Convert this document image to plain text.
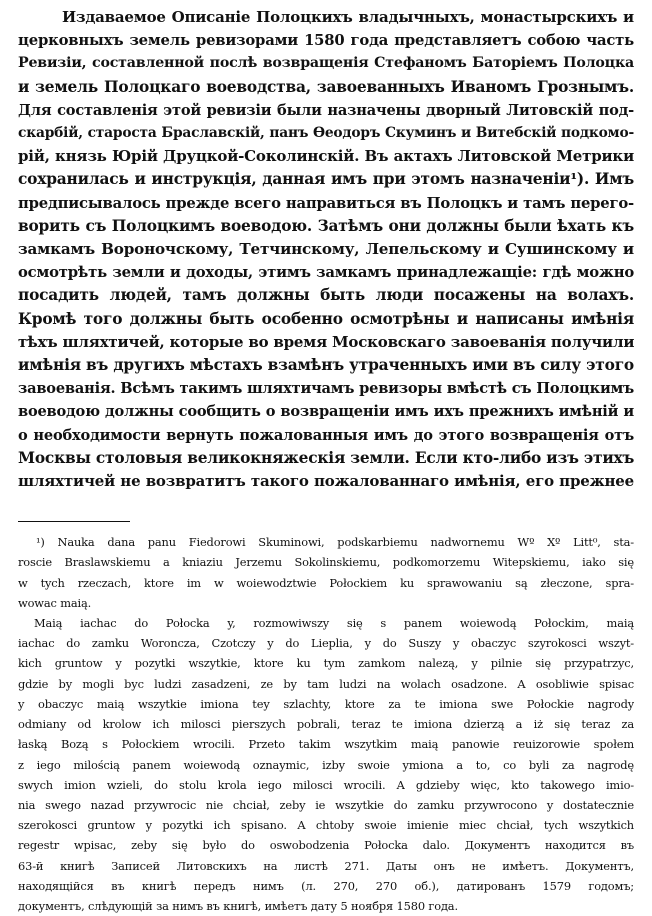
Издаваемое Описаніе Полоцкихъ владычныхъ, монастырскихъ и
церковныхъ земель ревизорами 1580 года представляетъ собою часть
Ревизіи, составленной послѣ возвращенія Стефаномъ Баторіемъ Полоцка
и земель Полоцкаго воеводства, завоеванныхъ Иваномъ Грознымъ.
Для составленія этой ревизіи были назначены дворный Литовскій под-
скарбій, староста Браславскій, панъ Ѳеодоръ Скуминъ и Витебскій подкомо-
рій, князь Юрій Друцкой-Соколинскій. Въ актахъ Литовской Метрики
сохранилась и инструкція, данная имъ при этомъ назначеніи¹). Имъ
предписывалось прежде всего направиться въ Полоцкъ и тамъ перего-
ворить съ Полоцкимъ воеводою. Затѣмъ они должны были ѣхать къ
замкамъ Вороночскому, Тетчинскому, Лепельскому и Сушинскому и
осмотрѣть земли и доходы, этимъ замкамъ принадлежащіе: гдѣ можно
посадить людей, тамъ должны быть люди посажены на волахъ.
Кромѣ того должны быть особенно осмотрѣны и написаны имѣнія
тѣхъ шляхтичей, которые во время Московскаго завоеванія получили
имѣнія въ другихъ мѣстахъ взамѣнъ утраченныхъ ими въ силу этого
завоеванія. Всѣмъ такимъ шляхтичамъ ревизоры вмѣстѣ съ Полоцкимъ
воеводою должны сообщить о возвращеніи имъ ихъ прежнихъ имѣній и
о необходимости вернуть пожалованныя имъ до этого возвращенія отъ
Москвы столовыя великокняжескія земли. Если кто-либо изъ этихъ
шляхтичей не возвратитъ такого пожалованнаго имѣнія, его прежнее
¹) Nauka dana panu Fiedorowi Skuminowi, podskarbiemu nadwornemu Wº Xº Litt⁰, sta-
roscie Braslawskiemu a kniaziu Jerzemu Sokolinskiemu, podkomorzemu Witepskiemu, iako się
w tych rzeczach, ktore im w woiewodztwie Połockiem ku sprawowaniu są złeczone, spra-
wowac maią.
Maią iachac do Połocka y, rozmowiwszy się s panem woiewodą Połockim, maią
iachac do zamku Woroncza, Czotczy y do Lieplia, y do Suszy y obaczyc szyrokosci wszyt-
kich gruntow y pozytki wszytkie, ktore ku tym zamkom nalezą, y pilnie się przypatrzyc,
gdzie by mogli byc ludzi zasadzeni, ze by tam ludzi na wolach osadzone. A osobliwie spisac
y obaczyc maią wszytkie imiona tey szlachty, ktore za te imiona swe Połockie nagrody
odmiany od krolow ich milosci pierszych pobrali, teraz te imiona dzierzą a iż się teraz za
łaską Bozą s Połockiem wrocili. Przeto takim wszytkim maią panowie reuizorowie społem
z iego milością panem woiewodą oznaymic, izby swoie ymiona a to, co byli za nagrodę
swych imion wzieli, do stolu krola iego milosci wrocili. A gdzieby więc, kto takowego imio-
nia swego nazad przywrocic nie chciał, zeby ie wszytkie do zamku przywrocono y dostatecznie
szerokosci gruntow y pozytki ich spisano. A chtoby swoie imienie miec chciał, tych wszytkich
regestr wpisac, zeby się było do oswobodzenia Połocka dalo. Документъ находится въ
63-й книгѣ Записей Литовскихъ на листѣ 271. Даты онъ не имѣетъ. Документъ,
находящійся въ книгѣ передъ нимъ (л. 270, 270 об.), датированъ 1579 годомъ;
документъ, слѣдующій за нимъ въ книгѣ, имѣетъ дату 5 ноября 1580 года.
